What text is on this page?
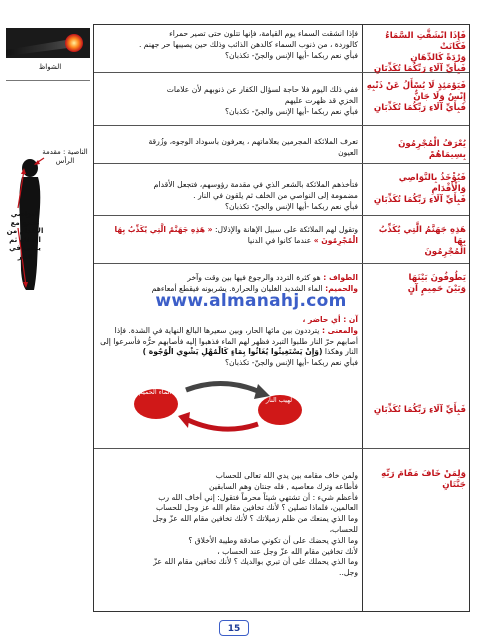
الشواظ
الناصية : مقدمة الرأس
النواصي تجمع مع الأقدام من الخلف ثم يلقى في النار
فَإِذَا انْشَقَّتِ السَّمَاءُ فَكَانَتْ
وَرْدَةً كَالدِّهَانِ
فَبِأَيِّ آلَاءِ رَبِّكُمَا تُكَذِّبَانِ
فإذا انشقت السماء يوم القيامة، فإنها تتلون حتى تصير حمراء
كالوردة ، من ذنوب السماء كالدهن الذائب وذلك حين يصيبها حر جهنم .
فبأي نعم ربكما -أيها الإنس والجنّ- تكذبان؟
فَيَوْمَئِذٍ لَا يُسْأَلُ عَنْ ذَنْبِهِ
إِنْسٌ وَلَا جَانٌّ
فَبِأَيِّ آلَاءِ رَبِّكُمَا تُكَذِّبَانِ
ففي ذلك اليوم فلا حاجة لسؤال الكفار عن ذنوبهم لأن علامات
الخزي قد ظهرت عليهم
فبأي نعم ربكما -أيها الإنس والجنّ- تكذبان؟
يُعْرَفُ الْمُجْرِمُونَ بِسِيمَاهُمْ
تعرف الملائكة المجرمين بعلاماتهم ، يعرفون باسوداد الوجوه، وزُرقة
العيون
فَيُؤْخَذُ بِالنَّوَاصِي وَالْأَقْدَامِ
فَبِأَيِّ آلَاءِ رَبِّكُمَا تُكَذِّبَانِ
فتأخذهم الملائكة بالشعر الذي في مقدمة رؤوسهم، فتجعل الأقدام
مضمومة إلى النواصي من الخلف ثم يلقون في النار .
فبأي نعم ربكما -أيها الإنس والجنّ- تكذبان؟
هَذِهِ جَهَنَّمُ الَّتِي يُكَذِّبُ بِهَا
الْمُجْرِمُونَ
وتقول لهم الملائكة على سبيل الإهانة والإذلال: « هَذِهِ جَهَنَّمُ الَّتِي يُكَذِّبُ بِهَا الْمُجْرِمُونَ » عندما كانوا في الدنيا
يَطُوفُونَ بَيْنَهَا
وَبَيْنَ حَمِيمٍ آنٍ
فَبِأَيِّ آلَاءِ رَبِّكُمَا تُكَذِّبَانِ
الطواف : هو كثرة التردد والرجوع فيها بين وقت وآخر
والحميم: الماء الشديد الغليان والحرارة. يشربونه فيقطع أمعاءهم
www.almanahj.com
آن : أي حاضر ،
والمعنى : يترددون بين مائها الحار، وبين سعيرها البالغ النهاية في الشدة. فإذا أصابهم حرّ النار طلبوا التبرد فظهر لهم الماء فذهبوا إليه فأصابهم حرُّه فأسرعوا إلى النار وهكذا (وَإِنْ يَسْتَغِيثُوا يُغَاثُوا بِمَاءٍ كَالْمُهْلِ يَشْوِي الْوُجُوهَ )
فبأي نعم ربكما -أيها الإنس والجنّ- تكذبان؟
وَلِمَنْ خَافَ مَقَامَ رَبِّهِ
جَنَّتَانِ
ولمن خاف مقامه بين يدي الله تعالى للحساب
فأطاعه وترك معاصيه , فله جنتان وهم السابقين
فأعظم شيء : أن تشتهي شيئاً محرماً فتقول: إني أخاف الله رب
العالمين، فلماذا تصلين ؟ لأنك تخافين مقام الله عز وجل للحساب
وما الذي يمنعك من ظلم زميلاتك ؟ لأنك تخافين مقام الله عزّ وجل
للحساب،
وما الذي يحضك على أن تكوني صادقة وطيبة الأخلاق ؟
لأنك تخافين مقام الله عزّ وجل عند الحساب ،
وما الذي يحملك على أن تبري بوالديك ؟ لأنك تخافين مقام الله عزّ
وجل..
الماء الحميم
لهيب النار
15
